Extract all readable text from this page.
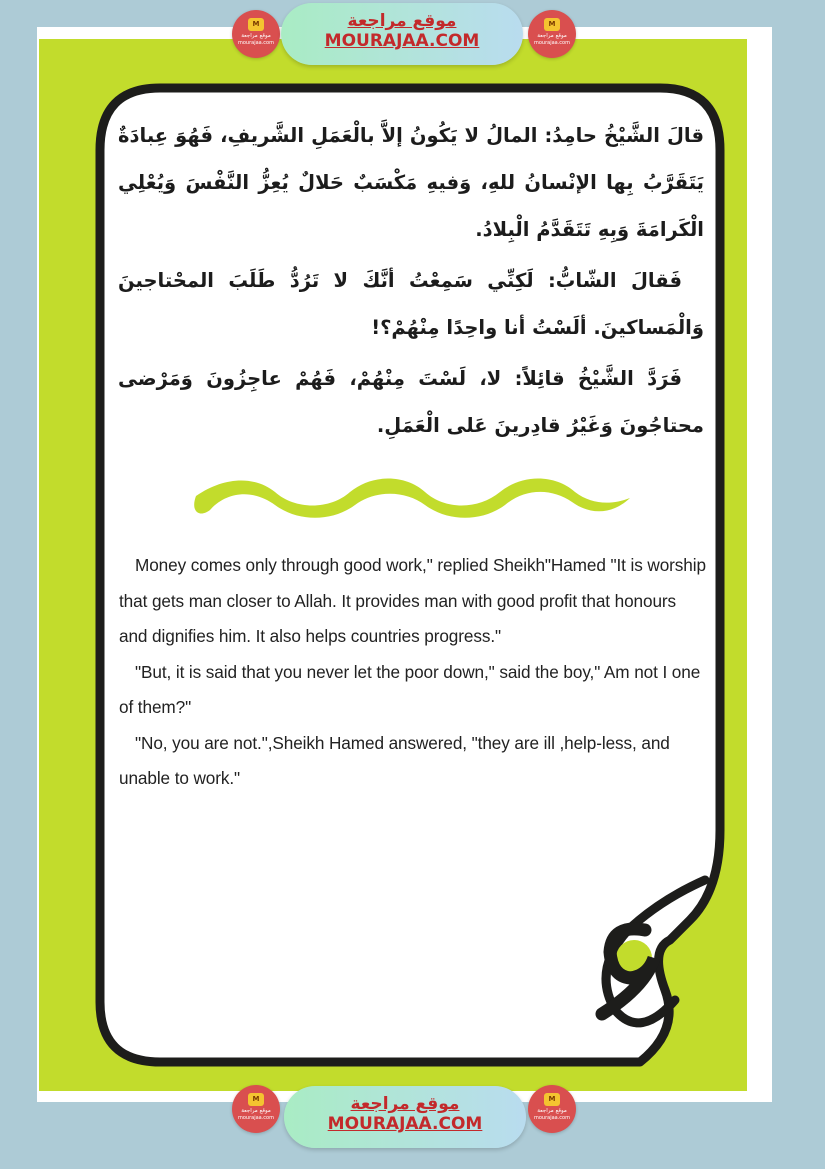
٦

قالَ الشَّيْخُ حامِدُ: المالُ لا يَكُونُ إلاَّ بالْعَمَلِ الشَّريفِ، فَهُوَ عِبادَةٌ يَتَقَرَّبُ بِها الإنْسانُ للهِ، وَفيهِ مَكْسَبٌ حَلالٌ يُعِزُّ النَّفْسَ وَيُعْلِي الْكَرامَةَ وَبِهِ تَتَقَدَّمُ الْبِلادُ.

فَقالَ الشّابُّ: لَكِنِّي سَمِعْتُ أنَّكَ لا تَرُدُّ طَلَبَ المحْتاجينَ وَالْمَساكينَ. ألَسْتُ أنا واحِدًا مِنْهُمْ؟!

فَرَدَّ الشَّيْخُ قائِلاً: لا، لَسْتَ مِنْهُمْ، فَهُمْ عاجِزُونَ وَمَرْضى محتاجُونَ وَغَيْرُ قادِرينَ عَلى الْعَمَلِ.

Money comes only through good work," replied Sheikh"Hamed "It is worship that gets man closer to Allah. It provides man with good profit that honours and dignifies him. It also helps countries progress."

"But, it is said that you never let the poor down," said the boy," Am not I one of them?"

"No, you are not.",Sheikh Hamed answered, "they are ill ,help-less, and unable to work."

M
موقع مراجعة
mourajaa.com
موقع مراجعة
MOURAJAA.COM
M
موقع مراجعة
mourajaa.com
M
موقع مراجعة
mourajaa.com
موقع مراجعة
MOURAJAA.COM
M
موقع مراجعة
mourajaa.com
